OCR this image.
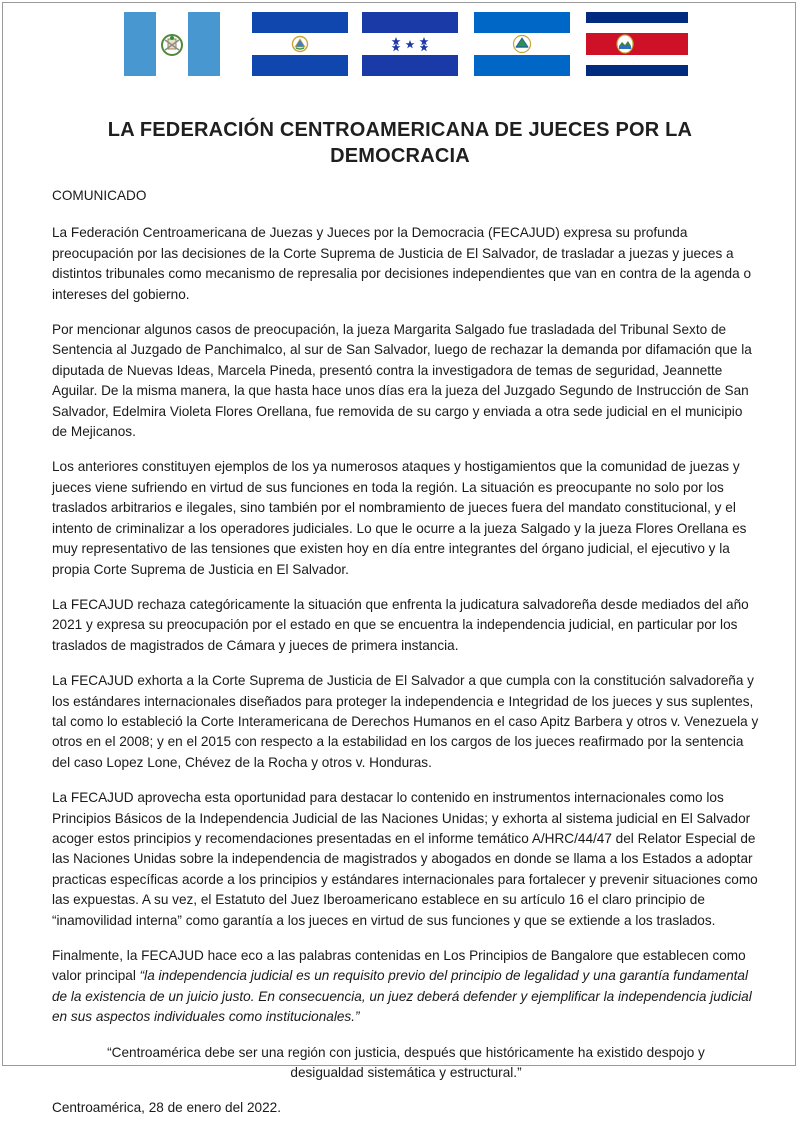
LA FEDERACIÓN CENTROAMERICANA DE JUECES POR LA DEMOCRACIA

COMUNICADO

La Federación Centroamericana de Juezas y Jueces por la Democracia (FECAJUD) expresa su profunda preocupación por las decisiones de la Corte Suprema de Justicia de El Salvador, de trasladar a juezas y jueces a distintos tribunales como mecanismo de represalia por decisiones independientes que van en contra de la agenda o intereses del gobierno.

Por mencionar algunos casos de preocupación, la jueza Margarita Salgado fue trasladada del Tribunal Sexto de Sentencia al Juzgado de Panchimalco, al sur de San Salvador, luego de rechazar la demanda por difamación que la diputada de Nuevas Ideas, Marcela Pineda, presentó contra la investigadora de temas de seguridad, Jeannette Aguilar. De la misma manera, la que hasta hace unos días era la jueza del Juzgado Segundo de Instrucción de San Salvador, Edelmira Violeta Flores Orellana, fue removida de su cargo y enviada a otra sede judicial en el municipio de Mejicanos.

Los anteriores constituyen ejemplos de los ya numerosos ataques y hostigamientos que la comunidad de juezas y jueces viene sufriendo en virtud de sus funciones en toda la región. La situación es preocupante no solo por los traslados arbitrarios e ilegales, sino también por el nombramiento de jueces fuera del mandato constitucional, y el intento de criminalizar a los operadores judiciales. Lo que le ocurre a la jueza Salgado y la jueza Flores Orellana es muy representativo de las tensiones que existen hoy en día entre integrantes del órgano judicial, el ejecutivo y la propia Corte Suprema de Justicia en El Salvador.

La FECAJUD rechaza categóricamente la situación que enfrenta la judicatura salvadoreña desde mediados del año 2021 y expresa su preocupación por el estado en que se encuentra la independencia judicial, en particular por los traslados de magistrados de Cámara y jueces de primera instancia.

La FECAJUD exhorta a la Corte Suprema de Justicia de El Salvador a que cumpla con la constitución salvadoreña y los estándares internacionales diseñados para proteger la independencia e Integridad de los jueces y sus suplentes, tal como lo estableció la Corte Interamericana de Derechos Humanos en el caso Apitz Barbera y otros v. Venezuela y otros en el 2008; y en el 2015 con respecto a la estabilidad en los cargos de los jueces reafirmado por la sentencia del caso Lopez Lone, Chévez de la Rocha y otros v. Honduras.

La FECAJUD aprovecha esta oportunidad para destacar lo contenido en instrumentos internacionales como los Principios Básicos de la Independencia Judicial de las Naciones Unidas; y exhorta al sistema judicial en El Salvador acoger estos principios y recomendaciones presentadas en el informe temático A/HRC/44/47 del Relator Especial de las Naciones Unidas sobre la independencia de magistrados y abogados en donde se llama a los Estados a adoptar practicas específicas acorde a los principios y estándares internacionales para fortalecer y prevenir situaciones como las expuestas. A su vez, el Estatuto del Juez Iberoamericano establece en su artículo 16 el claro principio de “inamovilidad interna” como garantía a los jueces en virtud de sus funciones y que se extiende a los traslados.

Finalmente, la FECAJUD hace eco a las palabras contenidas en Los Principios de Bangalore que establecen como valor principal “la independencia judicial es un requisito previo del principio de legalidad y una garantía fundamental de la existencia de un juicio justo. En consecuencia, un juez deberá defender y ejemplificar la independencia judicial en sus aspectos individuales como institucionales.”

“Centroamérica debe ser una región con justicia, después que históricamente ha existido despojo y desigualdad sistemática y estructural.”

Centroamérica, 28 de enero del 2022.
